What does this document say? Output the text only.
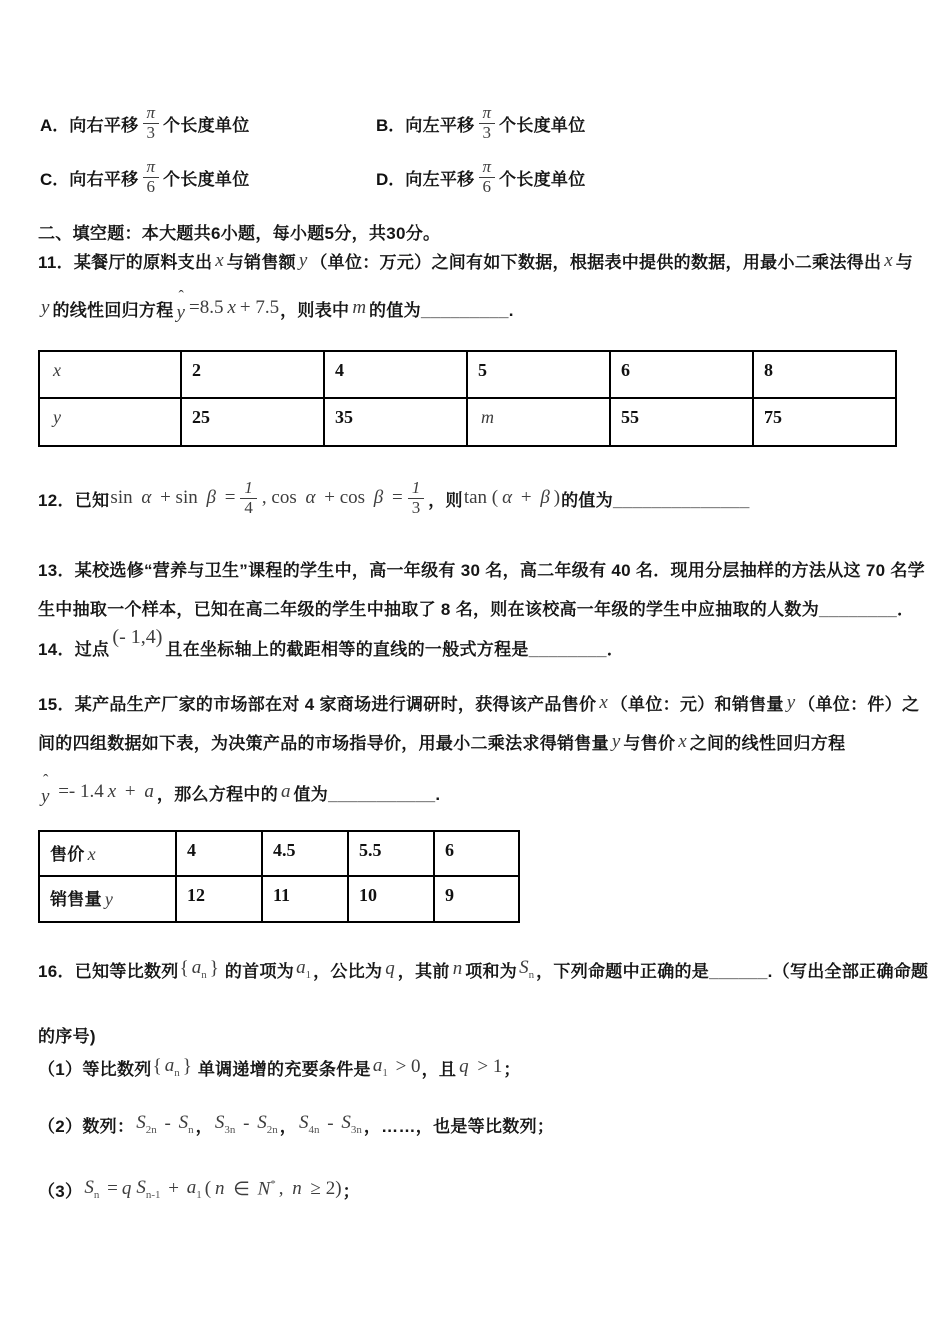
A． 向右平移 $\frac{\pi}{3}$ 个长度单位	B． 向左平移 $\frac{\pi}{3}$ 个长度单位
C． 向右平移 $\frac{\pi}{6}$ 个长度单位	D． 向左平移 $\frac{\pi}{6}$ 个长度单位
二、填空题：本大题共6小题，每小题5分，共30分。
11．某餐厅的原料支出 x 与销售额 y （单位：万元）之间有如下数据，根据表中提供的数据，用最小二乘法得出 x 与
y 的线性回归方程
ˆ
y =8.5 x + 7.5 ，则表中 m 的值为_________.
x	2	4	5	6	8
y	25	35	m	55	75
12．已知 $\sin \alpha + \sin \beta = \frac{1}{4}$ , $\cos \alpha + \cos \beta = \frac{1}{3}$ ，则 tan ( α + β ) 的值为______________
13．某校选修“营养与卫生”课程的学生中，高一年级有 30 名，高二年级有 40 名．现用分层抽样的方法从这 70 名学
生中抽取一个样本，已知在高二年级的学生中抽取了 8 名，则在该校高一年级的学生中应抽取的人数为________．
14．过点
(- 1,4)
且在坐标轴上的截距相等的直线的一般式方程是________．
15．某产品生产厂家的市场部在对 4 家商场进行调研时，获得该产品售价 x （单位：元）和销售量 y （单位：件）之
间的四组数据如下表，为决策产品的市场指导价，用最小二乘法求得销售量 y 与售价 x 之间的线性回归方程
ˆ
y =- 1.4 x + a ，那么方程中的 a 值为___________.
售价 x	4	4.5	5.5	6
销售量 y	12	11	10	9
16．已知等比数列 { $a_n$ } 的首项为 $a_1$ ，公比为 q ，其前 n 项和为 $S_n$ ，下列命题中正确的是______.（写出全部正确命题
的序号)
（1）等比数列 { $a_n$ } 单调递增的充要条件是 $a_1 > 0$ ，且 q > 1 ；
（2）数列： $S_{2n} - S_n$ ， $S_{3n} - S_{2n}$ ， $S_{4n} - S_{3n}$ ，……，也是等比数列；
（3） $S_n = q$ $S_{n-1} + a_1$ ( n ∈ N* , n ≥ 2) ；
